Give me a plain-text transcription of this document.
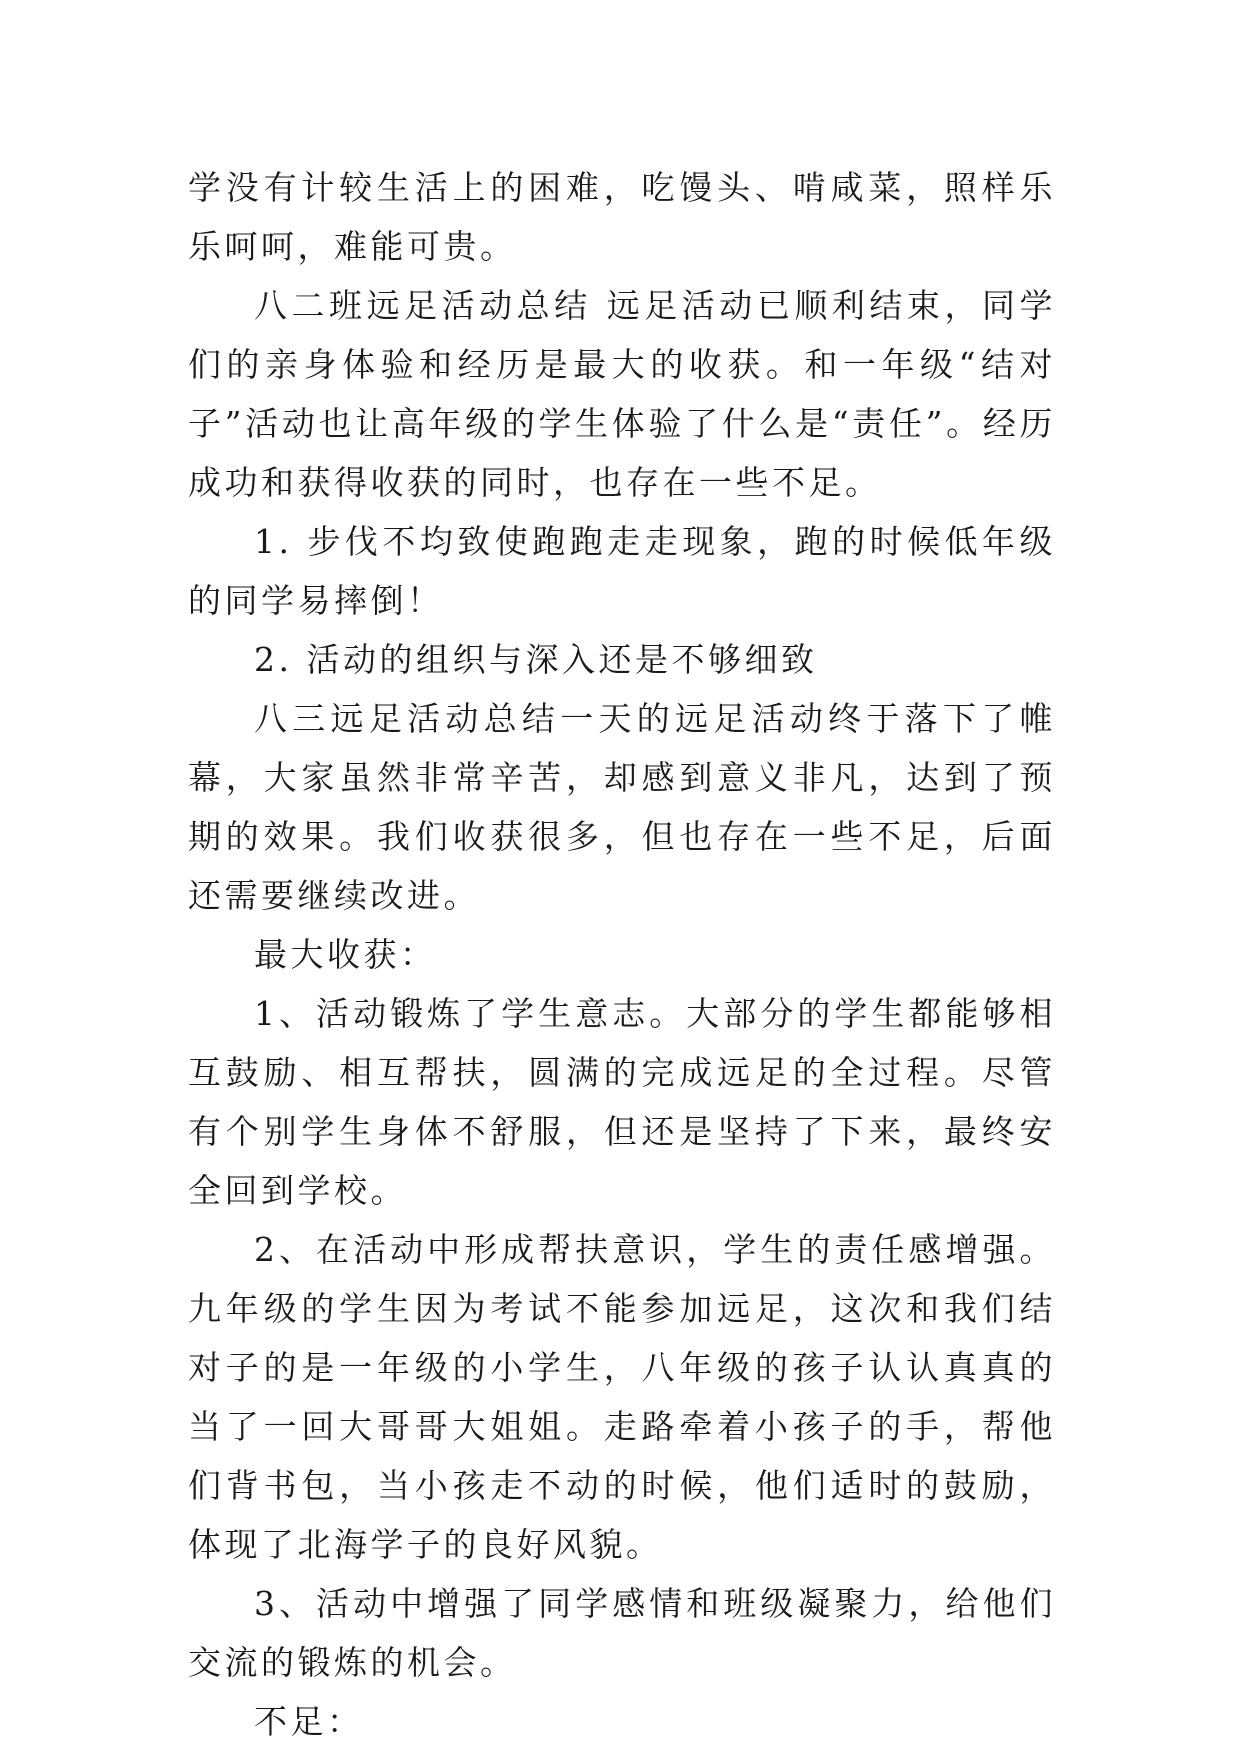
学没有计较生活上的困难，吃馒头、啃咸菜，照样乐乐呵呵，难能可贵。

八二班远足活动总结 远足活动已顺利结束，同学们的亲身体验和经历是最大的收获。和一年级“结对子”活动也让高年级的学生体验了什么是“责任”。经历成功和获得收获的同时，也存在一些不足。

1. 步伐不均致使跑跑走走现象，跑的时候低年级的同学易摔倒！

2. 活动的组织与深入还是不够细致

八三远足活动总结一天的远足活动终于落下了帷幕，大家虽然非常辛苦，却感到意义非凡，达到了预期的效果。我们收获很多，但也存在一些不足，后面还需要继续改进。

最大收获：

1、活动锻炼了学生意志。大部分的学生都能够相互鼓励、相互帮扶，圆满的完成远足的全过程。尽管有个别学生身体不舒服，但还是坚持了下来，最终安全回到学校。

2、在活动中形成帮扶意识，学生的责任感增强。九年级的学生因为考试不能参加远足，这次和我们结对子的是一年级的小学生，八年级的孩子认认真真的当了一回大哥哥大姐姐。走路牵着小孩子的手，帮他们背书包，当小孩走不动的时候，他们适时的鼓励，体现了北海学子的良好风貌。

3、活动中增强了同学感情和班级凝聚力，给他们交流的锻炼的机会。

不足：
